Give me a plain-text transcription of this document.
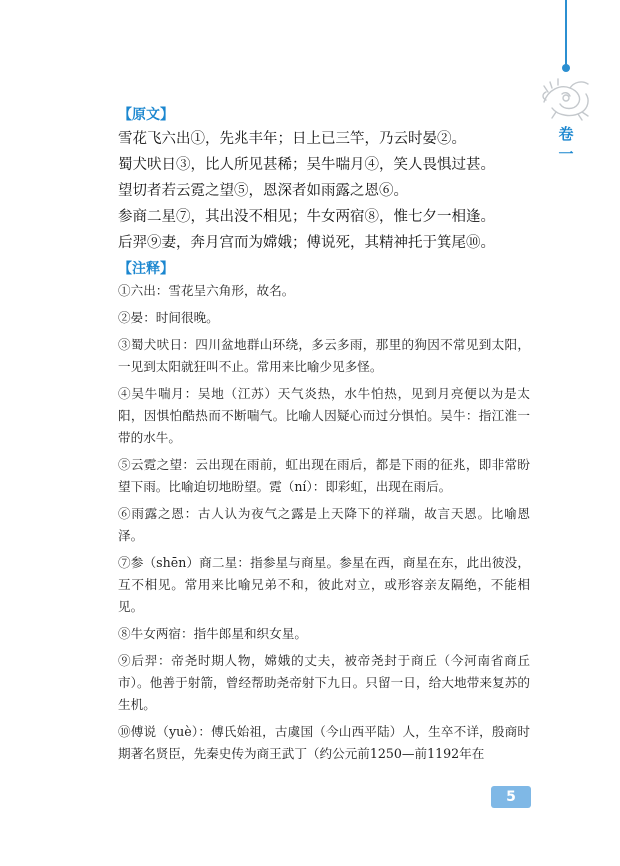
卷
一
【原文】
雪花飞六出①，先兆丰年；日上已三竿，乃云时晏②。
蜀犬吠日③，比人所见甚稀；吴牛喘月④，笑人畏惧过甚。
望切者若云霓之望⑤，恩深者如雨露之恩⑥。
参商二星⑦，其出没不相见；牛女两宿⑧，惟七夕一相逢。
后羿⑨妻，奔月宫而为嫦娥；傅说死，其精神托于箕尾⑩。
【注释】

①六出：雪花呈六角形，故名。

②晏：时间很晚。

③蜀犬吠日：四川盆地群山环绕，多云多雨，那里的狗因不常见到太阳，一见到太阳就狂叫不止。常用来比喻少见多怪。

④吴牛喘月：吴地（江苏）天气炎热，水牛怕热，见到月亮便以为是太阳，因惧怕酷热而不断喘气。比喻人因疑心而过分惧怕。吴牛：指江淮一带的水牛。

⑤云霓之望：云出现在雨前，虹出现在雨后，都是下雨的征兆，即非常盼望下雨。比喻迫切地盼望。霓（ní）：即彩虹，出现在雨后。

⑥雨露之恩：古人认为夜气之露是上天降下的祥瑞，故言天恩。比喻恩泽。

⑦参（shēn）商二星：指参星与商星。参星在西，商星在东，此出彼没，互不相见。常用来比喻兄弟不和，彼此对立，或形容亲友隔绝，不能相见。

⑧牛女两宿：指牛郎星和织女星。

⑨后羿：帝尧时期人物，嫦娥的丈夫，被帝尧封于商丘（今河南省商丘市）。他善于射箭，曾经帮助尧帝射下九日。只留一日，给大地带来复苏的生机。

⑩傅说（yuè）：傅氏始祖，古虞国（今山西平陆）人，生卒不详，殷商时期著名贤臣，先秦史传为商王武丁（约公元前1250—前1192年在

5
